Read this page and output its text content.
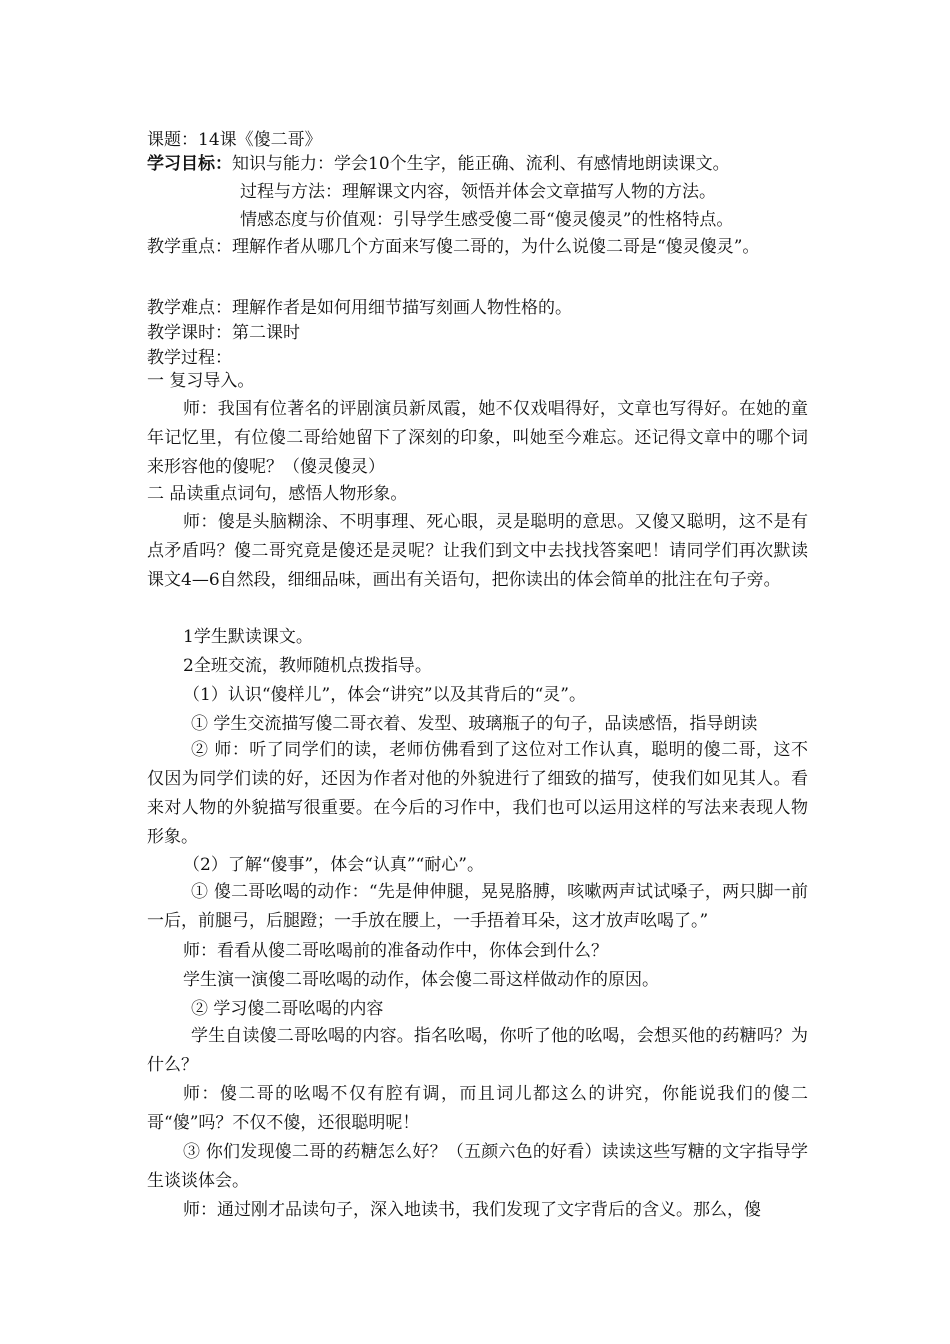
课题：14课《傻二哥》
学习目标： 知识与能力：学会10个生字，能正确、流利、有感情地朗读课文。
过程与方法：理解课文内容，领悟并体会文章描写人物的方法。
情感态度与价值观：引导学生感受傻二哥“傻灵傻灵”的性格特点。
教学重点：理解作者从哪几个方面来写傻二哥的，为什么说傻二哥是“傻灵傻灵”。
教学难点：理解作者是如何用细节描写刻画人物性格的。
教学课时：第二课时
教学过程：
一 复习导入。
师：我国有位著名的评剧演员新凤霞，她不仅戏唱得好，文章也写得好。在她的童年记忆里，有位傻二哥给她留下了深刻的印象，叫她至今难忘。还记得文章中的哪个词来形容他的傻呢？（傻灵傻灵）
二 品读重点词句，感悟人物形象。
师：傻是头脑糊涂、不明事理、死心眼，灵是聪明的意思。又傻又聪明，这不是有点矛盾吗？傻二哥究竟是傻还是灵呢？让我们到文中去找找答案吧！请同学们再次默读课文4—6自然段，细细品味，画出有关语句，把你读出的体会简单的批注在句子旁。
1学生默读课文。
2全班交流，教师随机点拨指导。
（1）认识“傻样儿”，体会“讲究”以及其背后的“灵”。
① 学生交流描写傻二哥衣着、发型、玻璃瓶子的句子，品读感悟，指导朗读
② 师：听了同学们的读，老师仿佛看到了这位对工作认真，聪明的傻二哥，这不仅因为同学们读的好，还因为作者对他的外貌进行了细致的描写，使我们如见其人。看来对人物的外貌描写很重要。在今后的习作中，我们也可以运用这样的写法来表现人物形象。
（2）了解“傻事”，体会“认真”“耐心”。
① 傻二哥吆喝的动作：“先是伸伸腿，晃晃胳膊，咳嗽两声试试嗓子，两只脚一前一后，前腿弓，后腿蹬；一手放在腰上，一手捂着耳朵，这才放声吆喝了。”
师：看看从傻二哥吆喝前的准备动作中，你体会到什么？
学生演一演傻二哥吆喝的动作，体会傻二哥这样做动作的原因。
② 学习傻二哥吆喝的内容
学生自读傻二哥吆喝的内容。指名吆喝，你听了他的吆喝，会想买他的药糖吗？为什么？
师：傻二哥的吆喝不仅有腔有调，而且词儿都这么的讲究，你能说我们的傻二哥“傻”吗？不仅不傻，还很聪明呢！
③ 你们发现傻二哥的药糖怎么好？（五颜六色的好看）读读这些写糖的文字指导学生谈谈体会。
师：通过刚才品读句子，深入地读书，我们发现了文字背后的含义。那么，傻
